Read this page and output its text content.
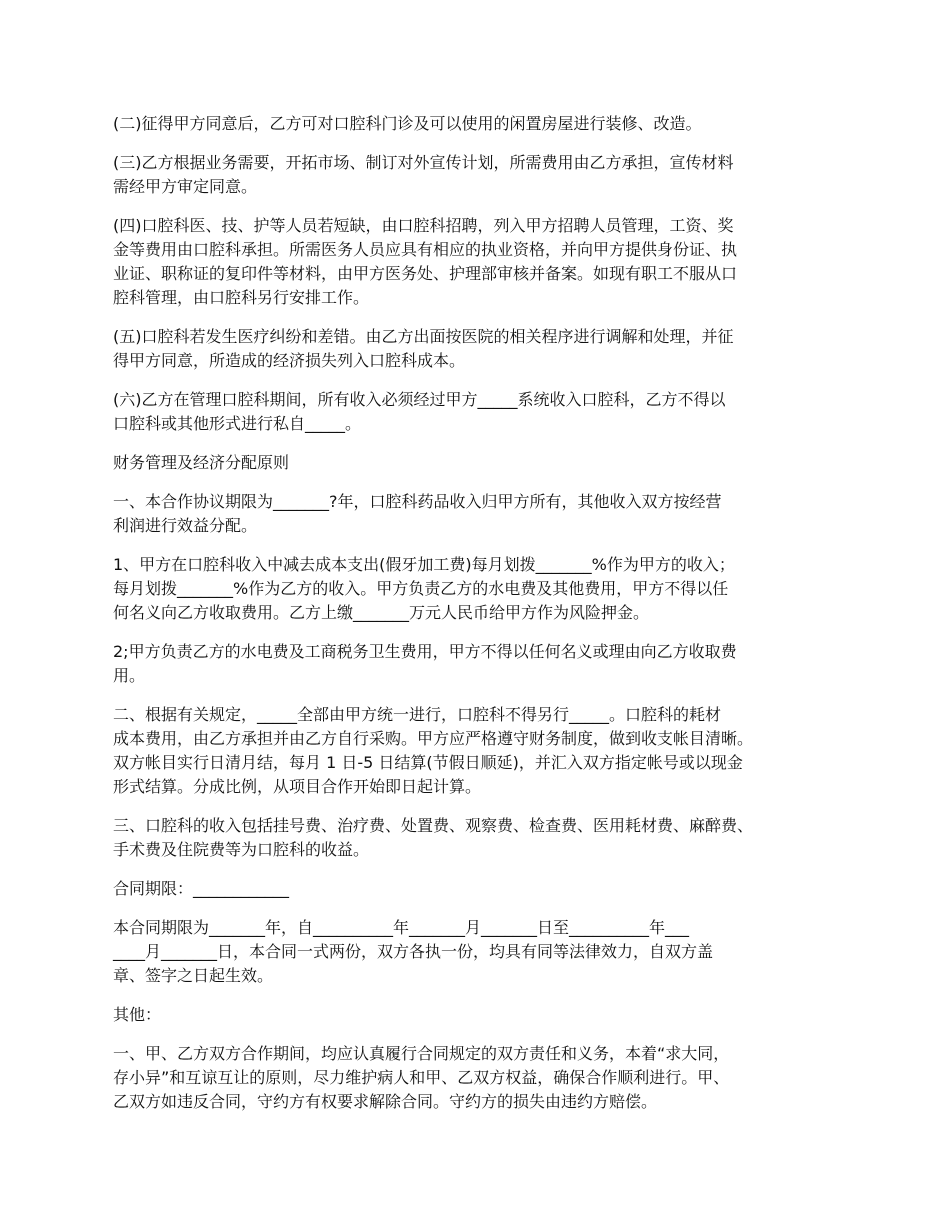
(二)征得甲方同意后，乙方可对口腔科门诊及可以使用的闲置房屋进行装修、改造。
(三)乙方根据业务需要，开拓市场、制订对外宣传计划，所需费用由乙方承担，宣传材料
需经甲方审定同意。
(四)口腔科医、技、护等人员若短缺，由口腔科招聘，列入甲方招聘人员管理，工资、奖
金等费用由口腔科承担。所需医务人员应具有相应的执业资格，并向甲方提供身份证、执
业证、职称证的复印件等材料，由甲方医务处、护理部审核并备案。如现有职工不服从口
腔科管理，由口腔科另行安排工作。
(五)口腔科若发生医疗纠纷和差错。由乙方出面按医院的相关程序进行调解和处理，并征
得甲方同意，所造成的经济损失列入口腔科成本。
(六)乙方在管理口腔科期间，所有收入必须经过甲方_____系统收入口腔科，乙方不得以
口腔科或其他形式进行私自_____。
财务管理及经济分配原则
一、本合作协议期限为_______?年，口腔科药品收入归甲方所有，其他收入双方按经营
利润进行效益分配。
1、甲方在口腔科收入中减去成本支出(假牙加工费)每月划拨_______%作为甲方的收入；
每月划拨_______%作为乙方的收入。甲方负责乙方的水电费及其他费用，甲方不得以任
何名义向乙方收取费用。乙方上缴_______万元人民币给甲方作为风险押金。
2;甲方负责乙方的水电费及工商税务卫生费用，甲方不得以任何名义或理由向乙方收取费
用。
二、根据有关规定，_____全部由甲方统一进行，口腔科不得另行_____。口腔科的耗材
成本费用，由乙方承担并由乙方自行采购。甲方应严格遵守财务制度，做到收支帐目清晰。
双方帐目实行日清月结，每月 1 日-5 日结算(节假日顺延)，并汇入双方指定帐号或以现金
形式结算。分成比例，从项目合作开始即日起计算。
三、口腔科的收入包括挂号费、治疗费、处置费、观察费、检查费、医用耗材费、麻醉费、
手术费及住院费等为口腔科的收益。
合同期限：____________
本合同期限为_______年，自__________年_______月_______日至__________年___
____月_______日，本合同一式两份，双方各执一份，均具有同等法律效力，自双方盖
章、签字之日起生效。
其他：
一、甲、乙方双方合作期间，均应认真履行合同规定的双方责任和义务，本着“求大同，
存小异”和互谅互让的原则，尽力维护病人和甲、乙双方权益，确保合作顺利进行。甲、
乙双方如违反合同，守约方有权要求解除合同。守约方的损失由违约方赔偿。
